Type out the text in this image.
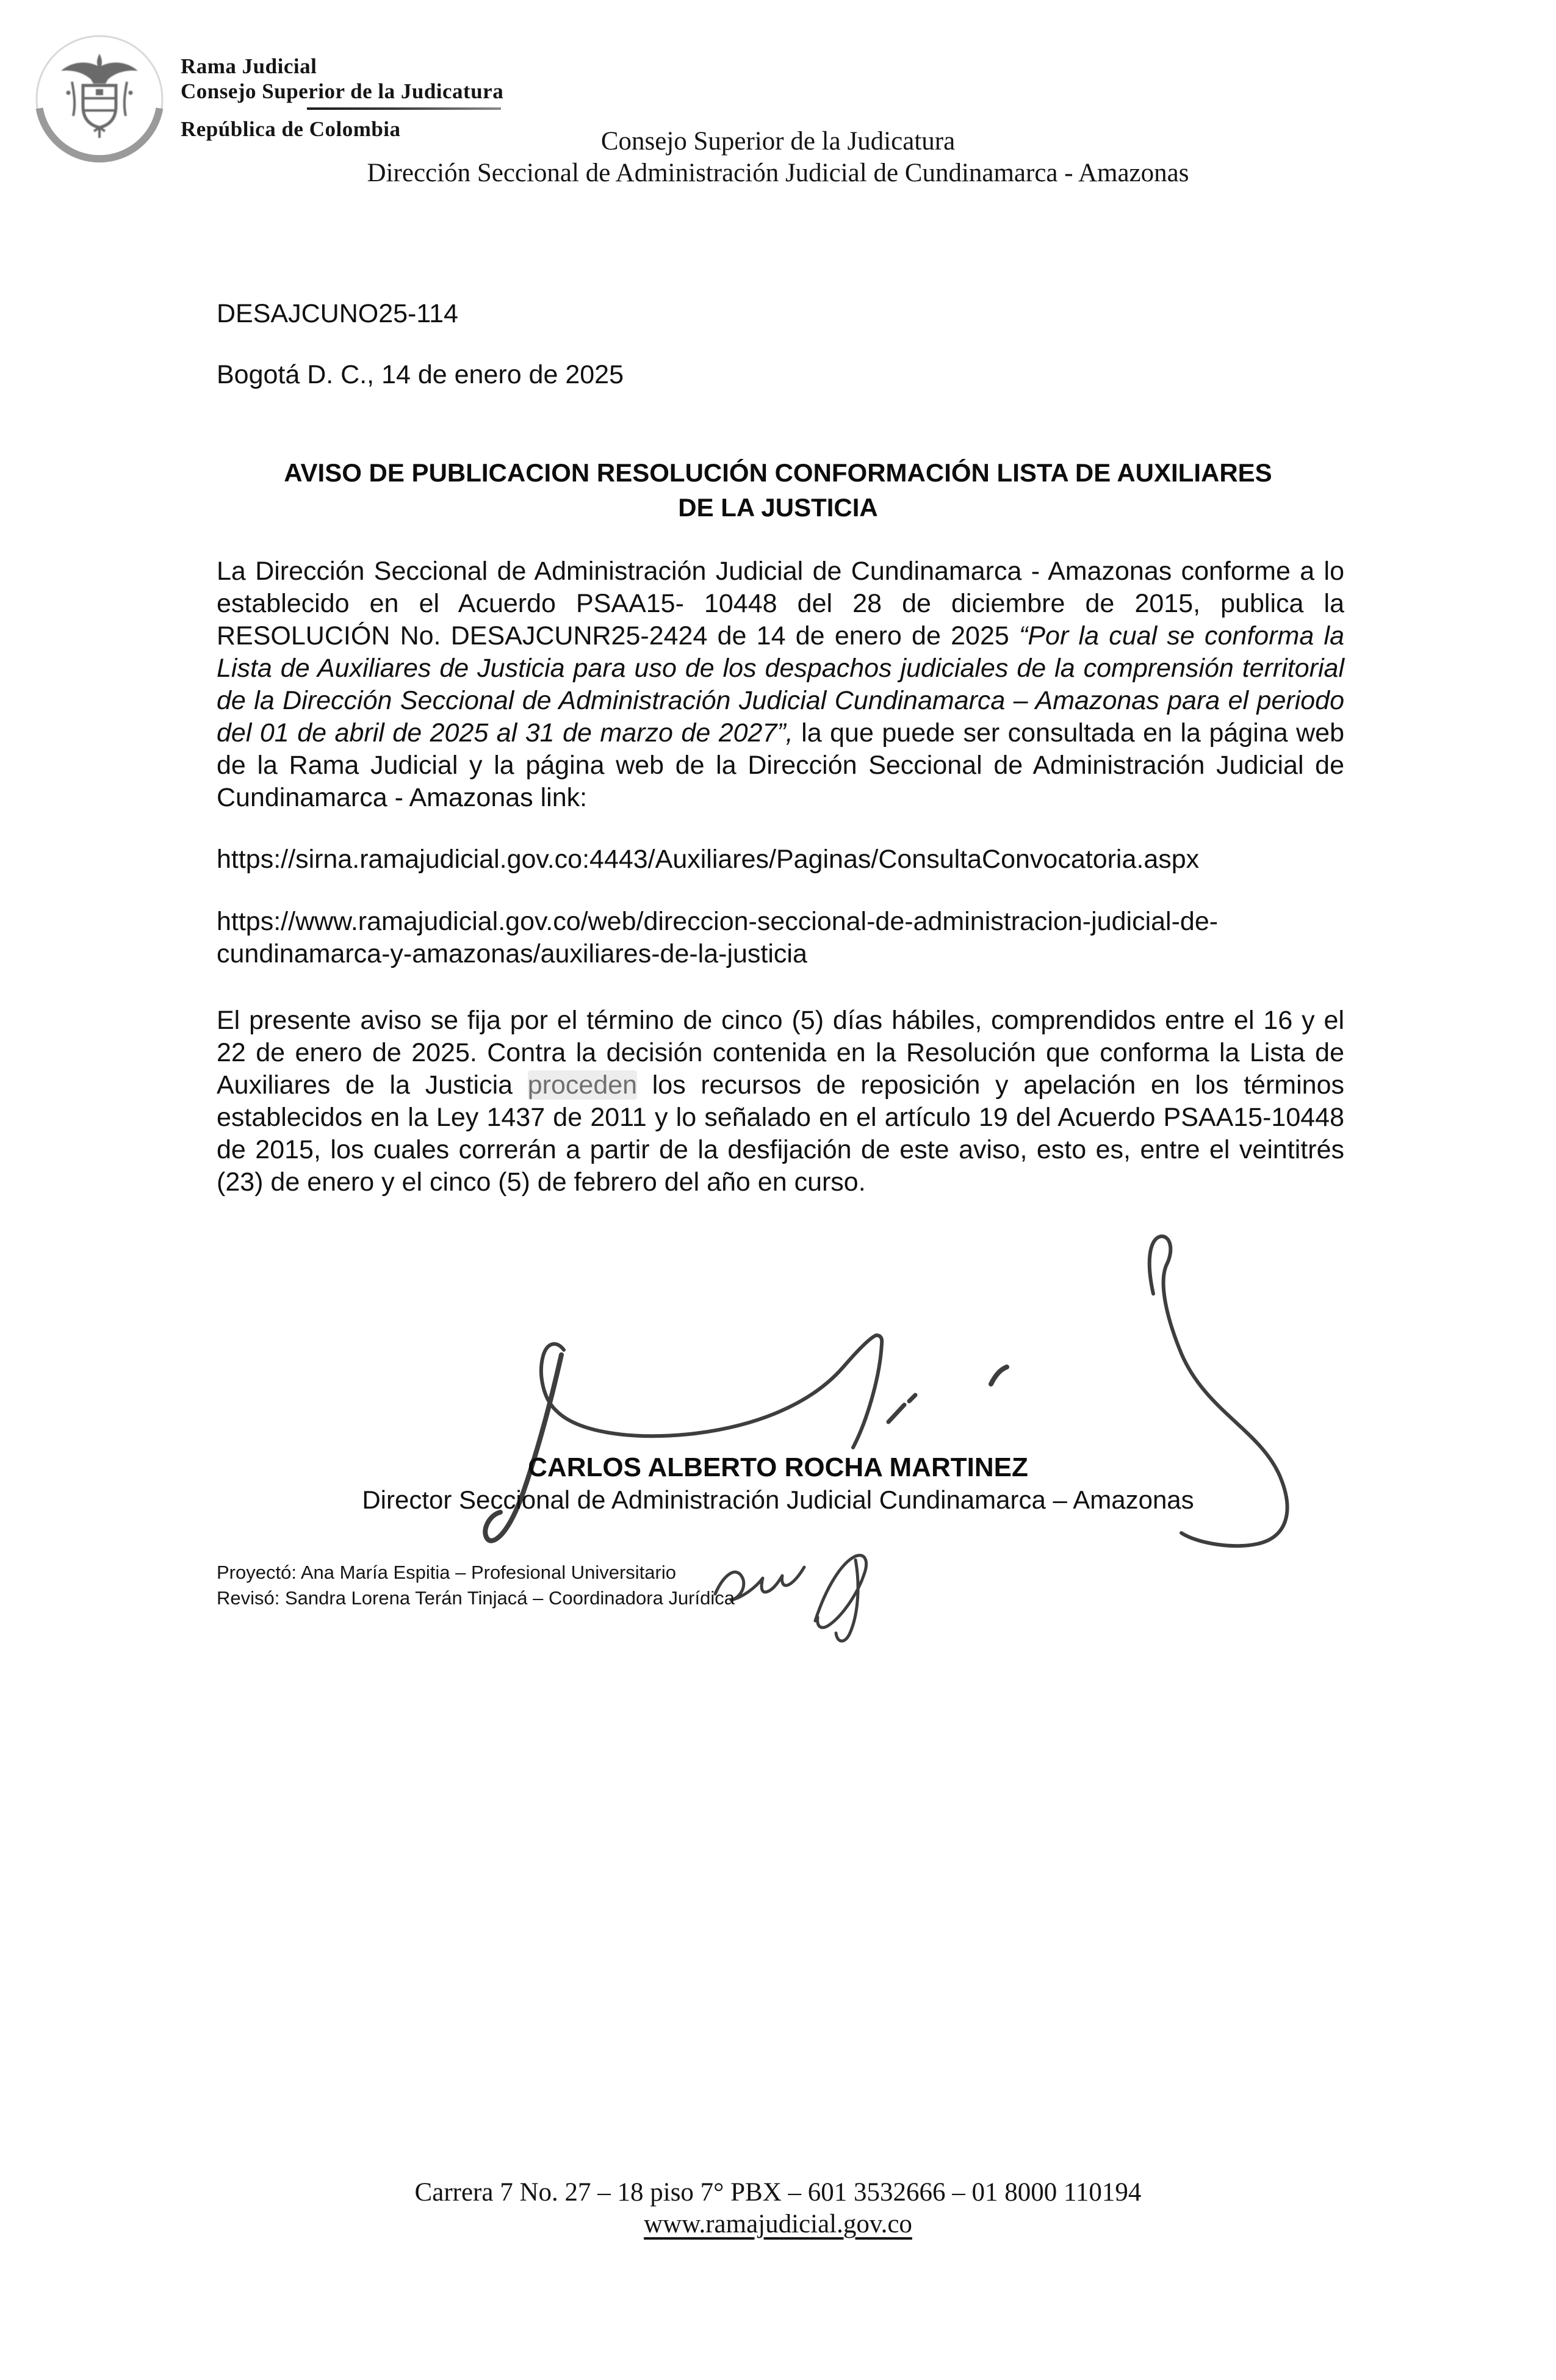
Rama Judicial
Consejo Superior de la Judicatura
República de Colombia	Consejo Superior de la Judicatura
Dirección Seccional de Administración Judicial de Cundinamarca - Amazonas
DESAJCUNO25-114
Bogotá D. C., 14 de enero de 2025
AVISO DE PUBLICACION RESOLUCIÓN CONFORMACIÓN LISTA DE AUXILIARES
DE LA JUSTICIA
La Dirección Seccional de Administración Judicial de Cundinamarca - Amazonas conforme a lo establecido en el Acuerdo PSAA15- 10448 del 28 de diciembre de 2015, publica la RESOLUCIÓN No. DESAJCUNR25-2424 de 14 de enero de 2025 “Por la cual se conforma la Lista de Auxiliares de Justicia para uso de los despachos judiciales de la comprensión territorial de la Dirección Seccional de Administración Judicial Cundinamarca – Amazonas para el periodo del 01 de abril de 2025 al 31 de marzo de 2027”, la que puede ser consultada en la página web de la Rama Judicial y la página web de la Dirección Seccional de Administración Judicial de Cundinamarca - Amazonas link:
https://sirna.ramajudicial.gov.co:4443/Auxiliares/Paginas/ConsultaConvocatoria.aspx
https://www.ramajudicial.gov.co/web/direccion-seccional-de-administracion-judicial-de-cundinamarca-y-amazonas/auxiliares-de-la-justicia
El presente aviso se fija por el término de cinco (5) días hábiles, comprendidos entre el 16 y el 22 de enero de 2025. Contra la decisión contenida en la Resolución que conforma la Lista de Auxiliares de la Justicia proceden los recursos de reposición y apelación en los términos establecidos en la Ley 1437 de 2011 y lo señalado en el artículo 19 del Acuerdo PSAA15-10448 de 2015, los cuales correrán a partir de la desfijación de este aviso, esto es, entre el veintitrés (23) de enero y el cinco (5) de febrero del año en curso.
CARLOS ALBERTO ROCHA MARTINEZ
Director Seccional de Administración Judicial Cundinamarca – Amazonas
Proyectó: Ana María Espitia – Profesional Universitario
Revisó: Sandra Lorena Terán Tinjacá – Coordinadora Jurídica
Carrera 7 No. 27 – 18 piso 7° PBX – 601 3532666 – 01 8000 110194
www.ramajudicial.gov.co
